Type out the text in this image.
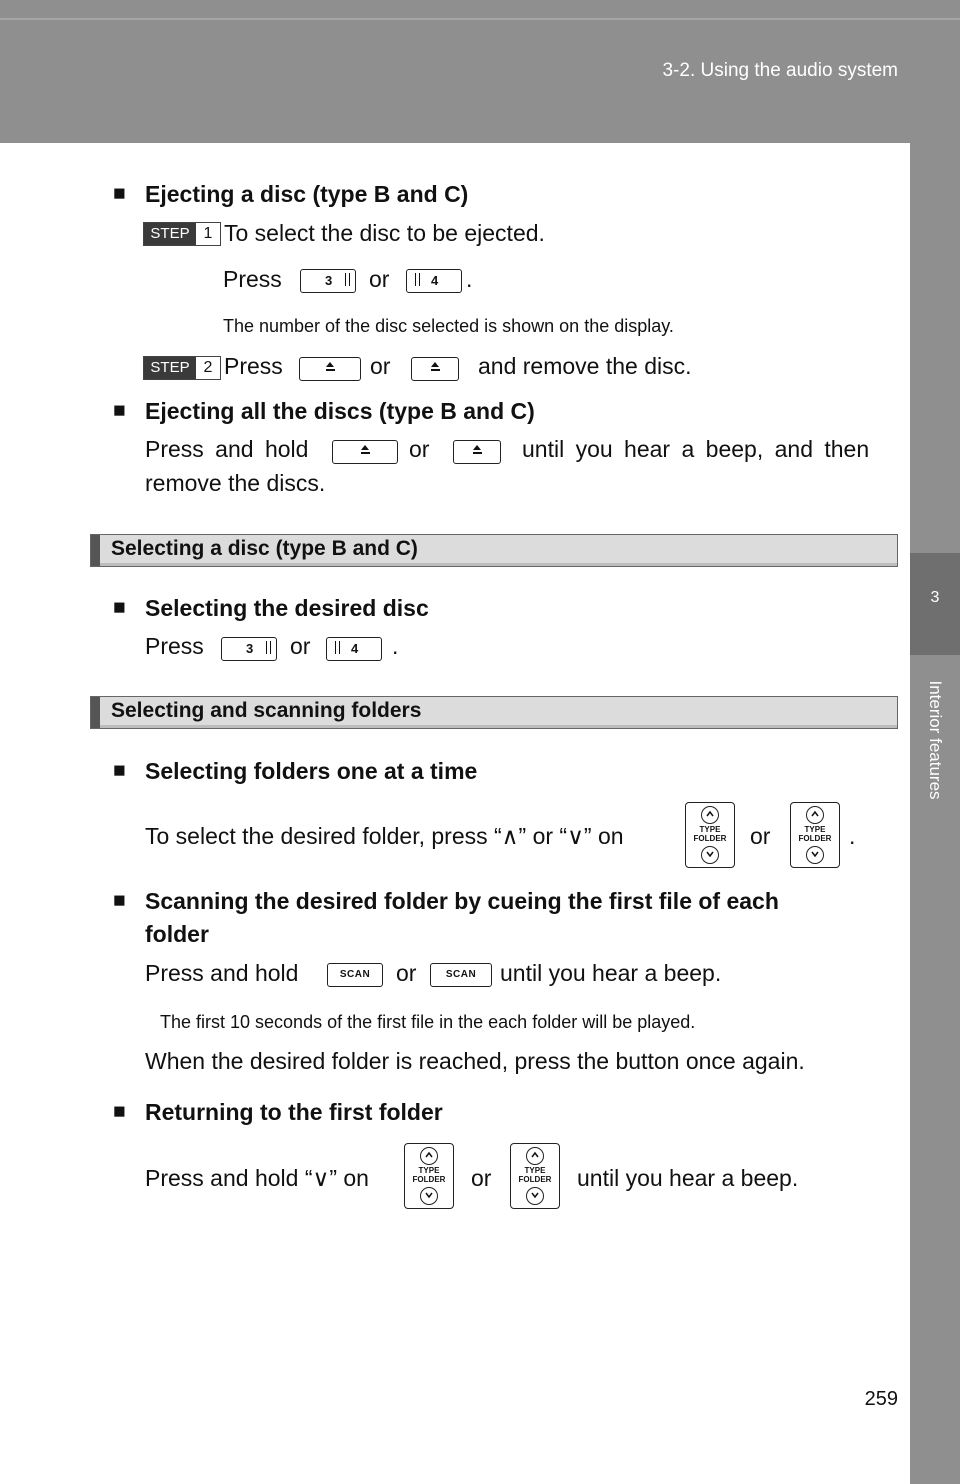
3-2. Using the audio system
3
Interior features
■ Ejecting a disc (type B and C)
STEP 1 To select the disc to be ejected.
Press	3 or	4 .
The number of the disc selected is shown on the display.
STEP 2 Press	or	and remove the disc.
■ Ejecting all the discs (type B and C)
Press and hold	or	until you hear a beep, and then
remove the discs.
Selecting a disc (type B and C)
■ Selecting the desired disc
Press	3 or	4 .
Selecting and scanning folders
■ Selecting folders one at a time
To select the desired folder, press “∧” or “∨” on	TYPE
FOLDER	or	TYPE
FOLDER .
■ Scanning the desired folder by cueing the first file of each
folder
Press and hold	SCAN	or	SCAN	until you hear a beep.
The first 10 seconds of the first file in the each folder will be played.
When the desired folder is reached, press the button once again.
■ Returning to the first folder
Press and hold “∨” on	TYPE
FOLDER	or	TYPE
FOLDER	until you hear a beep.
259
